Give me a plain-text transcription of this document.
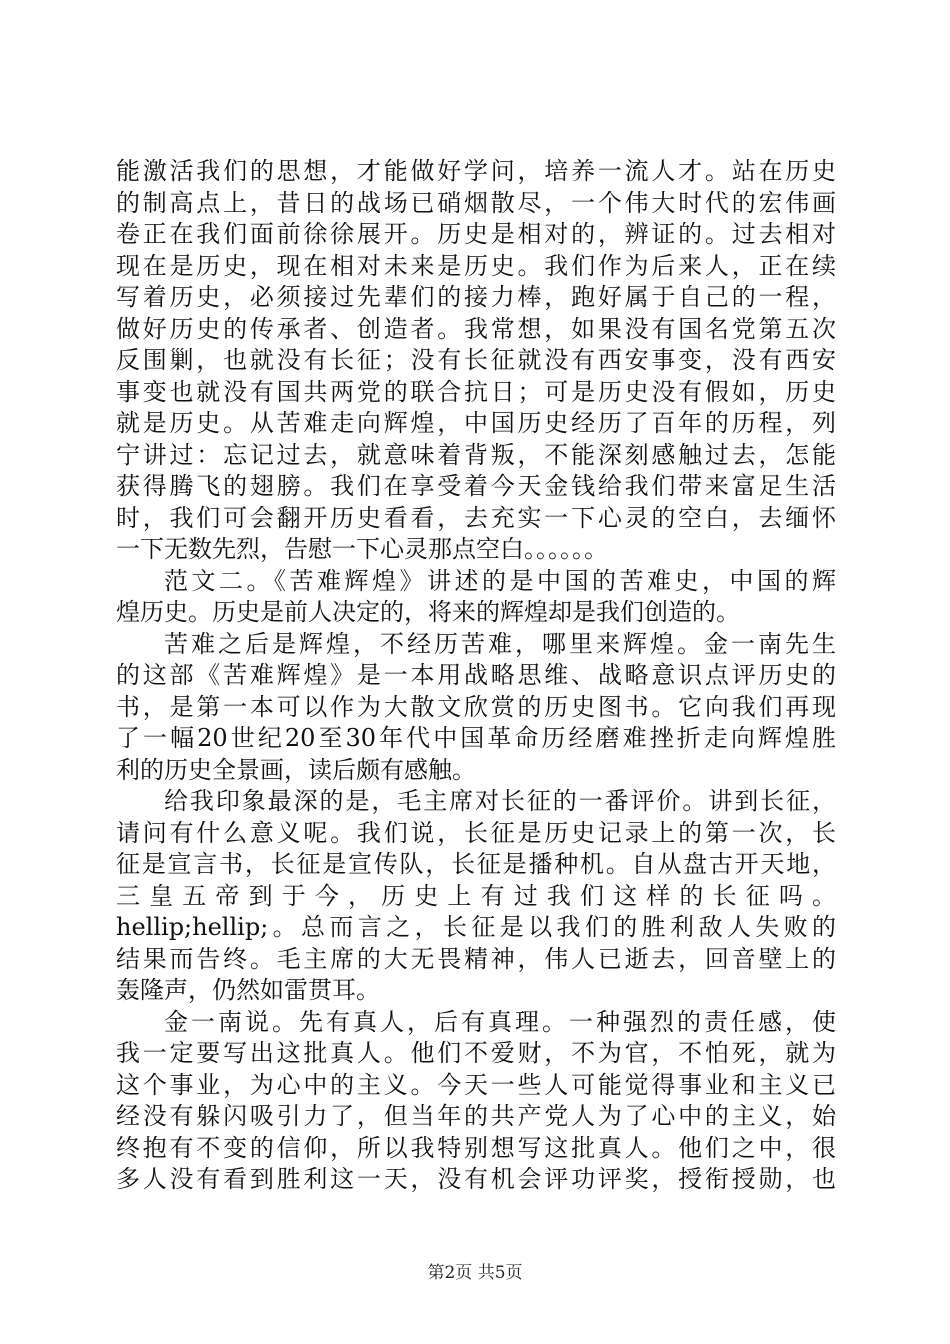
能激活我们的思想，才能做好学问，培养一流人才。站在历史
的制高点上，昔日的战场已硝烟散尽，一个伟大时代的宏伟画
卷正在我们面前徐徐展开。历史是相对的，辨证的。过去相对
现在是历史，现在相对未来是历史。我们作为后来人，正在续
写着历史，必须接过先辈们的接力棒，跑好属于自己的一程，
做好历史的传承者、创造者。我常想，如果没有国名党第五次
反围剿，也就没有长征；没有长征就没有西安事变，没有西安
事变也就没有国共两党的联合抗日；可是历史没有假如，历史
就是历史。从苦难走向辉煌，中国历史经历了百年的历程，列
宁讲过：忘记过去，就意味着背叛，不能深刻感触过去，怎能
获得腾飞的翅膀。我们在享受着今天金钱给我们带来富足生活
时，我们可会翻开历史看看，去充实一下心灵的空白，去缅怀
一下无数先烈，告慰一下心灵那点空白。。。。。。
范文二。《苦难辉煌》讲述的是中国的苦难史，中国的辉
煌历史。历史是前人决定的，将来的辉煌却是我们创造的。
苦难之后是辉煌，不经历苦难，哪里来辉煌。金一南先生
的这部《苦难辉煌》是一本用战略思维、战略意识点评历史的
书，是第一本可以作为大散文欣赏的历史图书。它向我们再现
了一幅20世纪20至30年代中国革命历经磨难挫折走向辉煌胜
利的历史全景画，读后颇有感触。
给我印象最深的是，毛主席对长征的一番评价。讲到长征，
请问有什么意义呢。我们说，长征是历史记录上的第一次，长
征是宣言书，长征是宣传队，长征是播种机。自从盘古开天地，
三皇五帝到于今，历史上有过我们这样的长征吗。
hellip;hellip;。总而言之，长征是以我们的胜利敌人失败的
结果而告终。毛主席的大无畏精神，伟人已逝去，回音壁上的
轰隆声，仍然如雷贯耳。
金一南说。先有真人，后有真理。一种强烈的责任感，使
我一定要写出这批真人。他们不爱财，不为官，不怕死，就为
这个事业，为心中的主义。今天一些人可能觉得事业和主义已
经没有躲闪吸引力了，但当年的共产党人为了心中的主义，始
终抱有不变的信仰，所以我特别想写这批真人。他们之中，很
多人没有看到胜利这一天，没有机会评功评奖，授衔授勋，也
第2页 共5页
